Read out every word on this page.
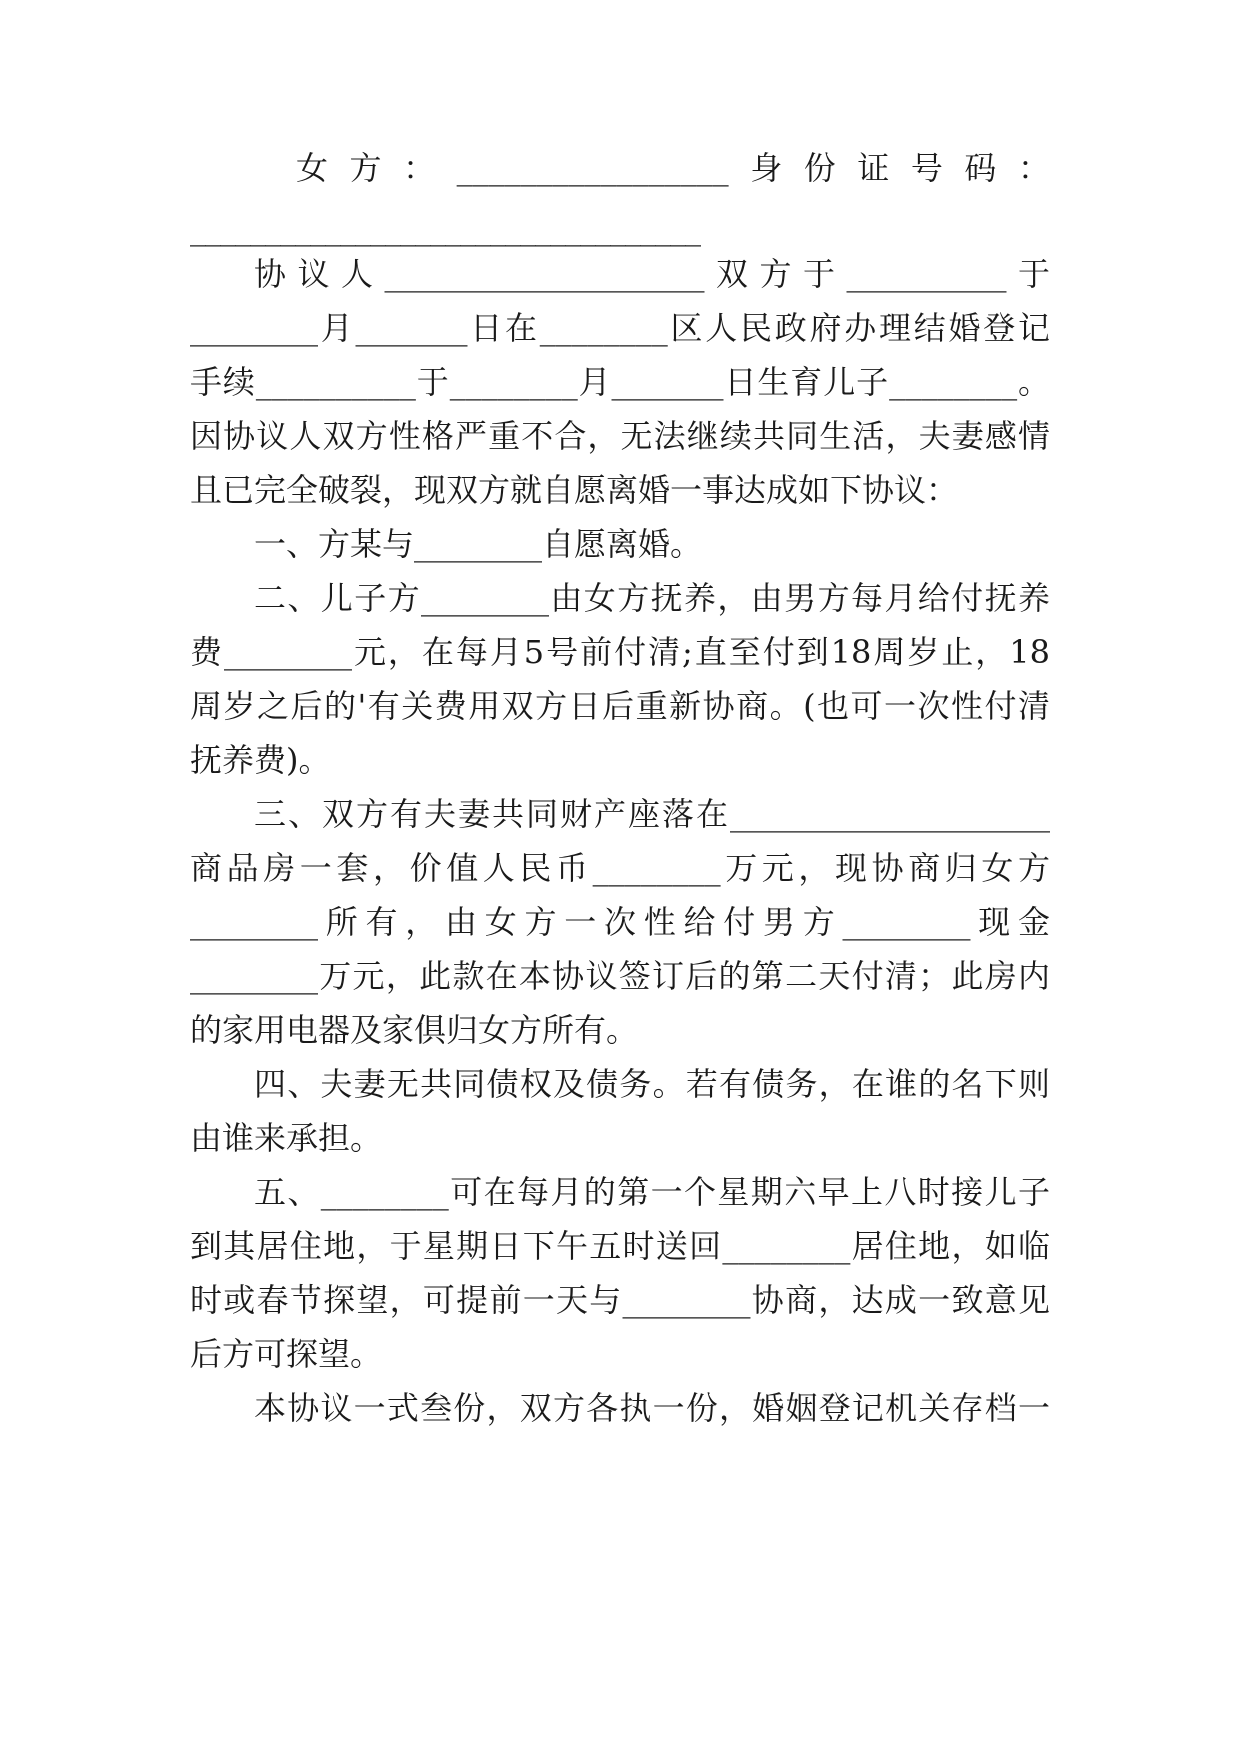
女方：_________________身份证号码：
__________________________________
协议人____________________双方于__________于
________月_______日在________区人民政府办理结婚登记
手续__________于________月_______日生育儿子________。
因协议人双方性格严重不合，无法继续共同生活，夫妻感情
且已完全破裂，现双方就自愿离婚一事达成如下协议：
一、方某与________自愿离婚。
二、儿子方________由女方抚养，由男方每月给付抚养
费________元，在每月5号前付清;直至付到18周岁止，18
周岁之后的'有关费用双方日后重新协商。(也可一次性付清
抚养费)。
三、双方有夫妻共同财产座落在____________________
商品房一套，价值人民币________万元，现协商归女方
________所有，由女方一次性给付男方________现金
________万元，此款在本协议签订后的第二天付清；此房内
的家用电器及家俱归女方所有。
四、夫妻无共同债权及债务。若有债务，在谁的名下则
由谁来承担。
五、________可在每月的第一个星期六早上八时接儿子
到其居住地，于星期日下午五时送回________居住地，如临
时或春节探望，可提前一天与________协商，达成一致意见
后方可探望。
本协议一式叁份，双方各执一份，婚姻登记机关存档一
